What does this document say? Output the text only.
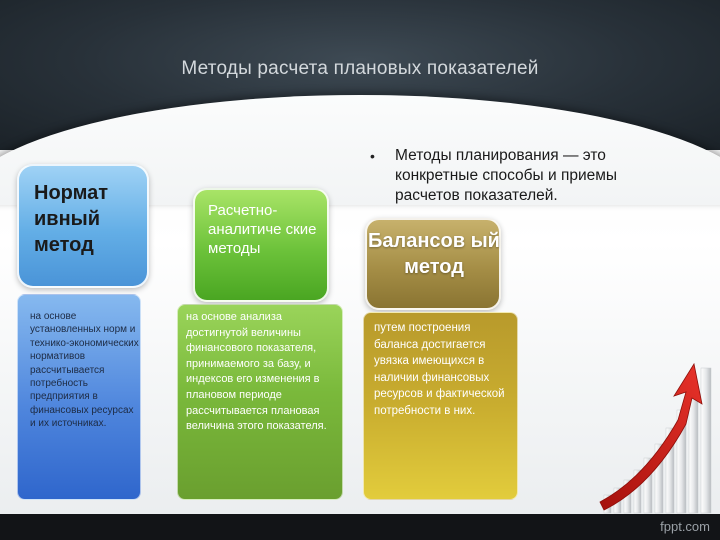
Методы расчета плановых показателей
• Методы планирования — это конкретные способы и приемы расчетов показателей.
Нормат ивный метод
на основе установленных норм и технико-экономических нормативов рассчитывается потребность предприятия в финансовых ресурсах и их источниках.
Расчетно-аналитиче ские методы
на основе анализа достигнутой величины финансового показателя, принимаемого за базу, и индексов его изменения в плановом периоде рассчитывается плановая величина этого показателя.
Балансов ый метод
путем построения баланса достигается увязка имеющихся в наличии финансовых ресурсов и фактической потребности в них.
fppt.com
